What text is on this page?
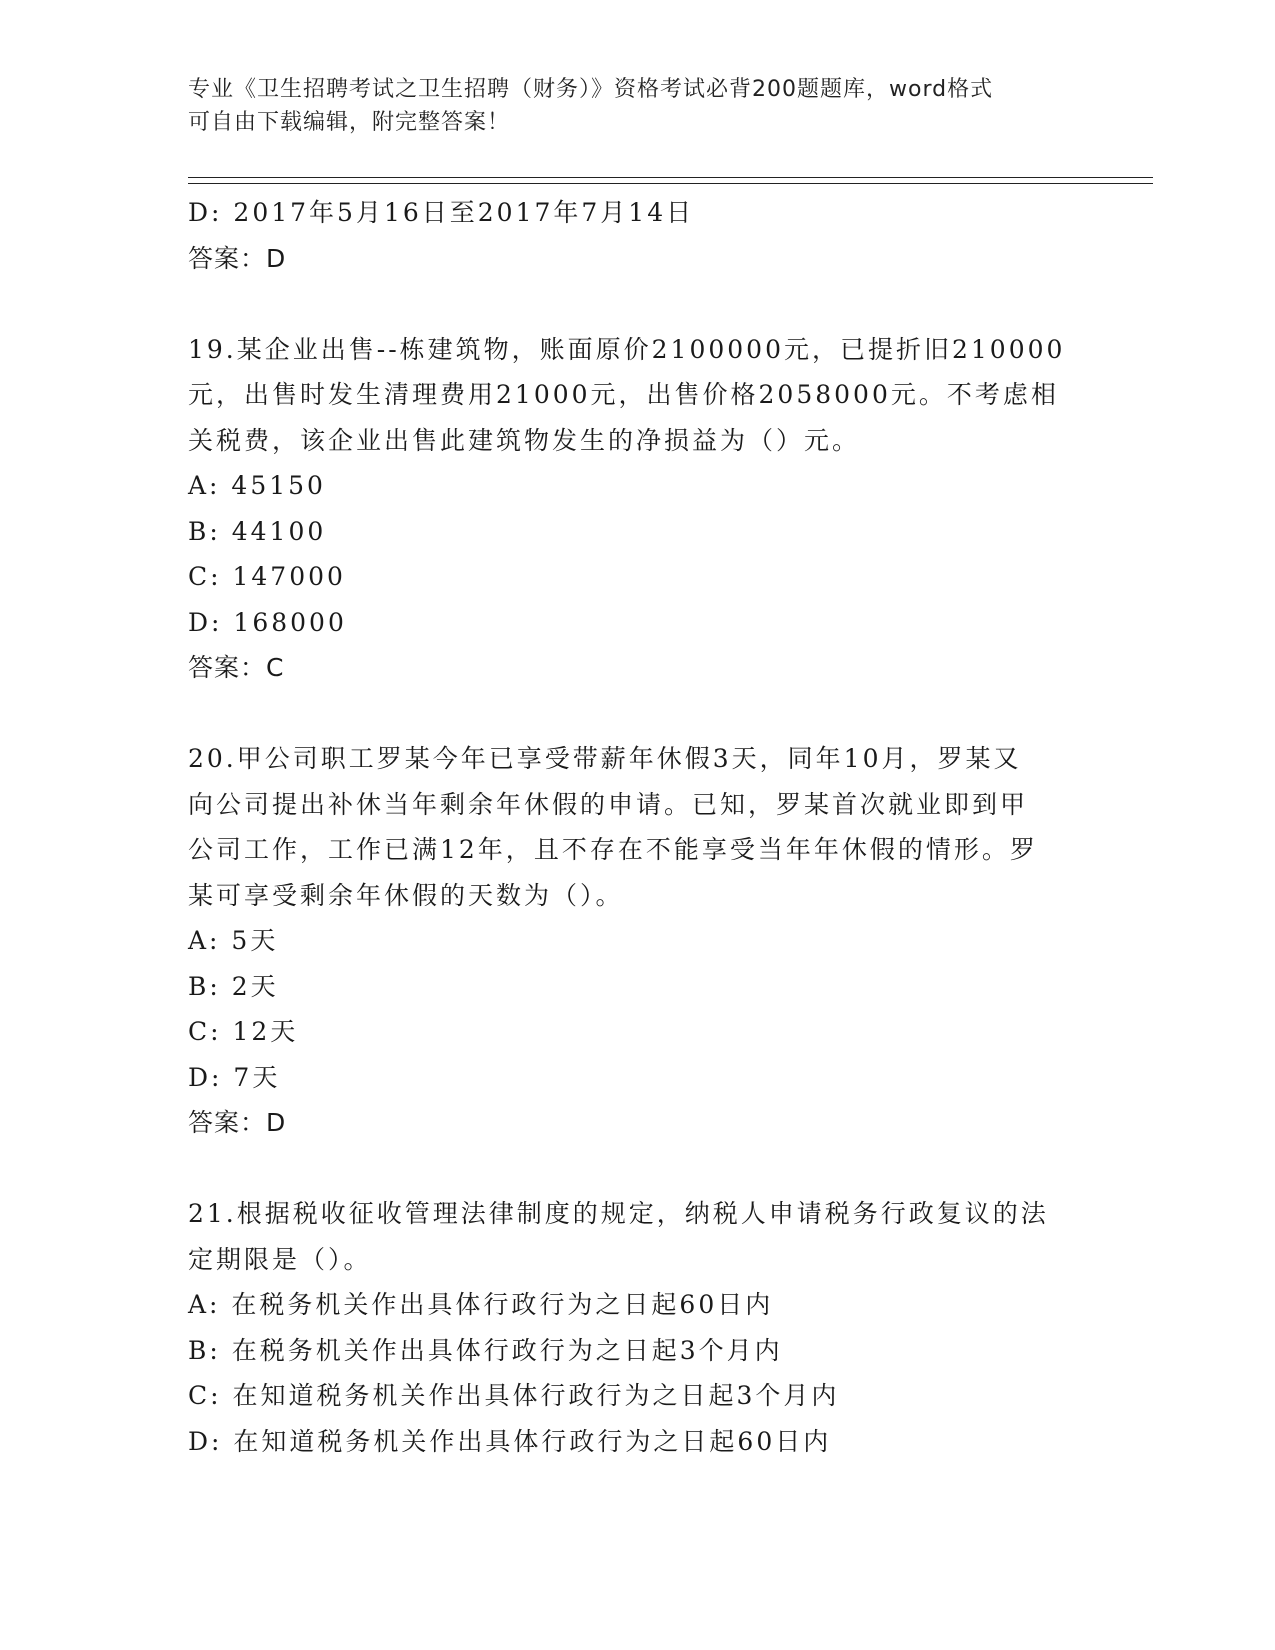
专业《卫生招聘考试之卫生招聘（财务）》资格考试必背200题题库，word格式
可自由下载编辑，附完整答案！
D: 2017年5月16日至2017年7月14日
答案：D
19.某企业出售--栋建筑物，账面原价2100000元，已提折旧210000
元，出售时发生清理费用21000元，出售价格2058000元。不考虑相
关税费，该企业出售此建筑物发生的净损益为（）元。
A: 45150
B: 44100
C: 147000
D: 168000
答案：C
20.甲公司职工罗某今年已享受带薪年休假3天，同年10月，罗某又
向公司提出补休当年剩余年休假的申请。已知，罗某首次就业即到甲
公司工作，工作已满12年，且不存在不能享受当年年休假的情形。罗
某可享受剩余年休假的天数为（）。
A: 5天
B: 2天
C: 12天
D: 7天
答案：D
21.根据税收征收管理法律制度的规定，纳税人申请税务行政复议的法
定期限是（）。
A: 在税务机关作出具体行政行为之日起60日内
B: 在税务机关作出具体行政行为之日起3个月内
C: 在知道税务机关作出具体行政行为之日起3个月内
D: 在知道税务机关作出具体行政行为之日起60日内
